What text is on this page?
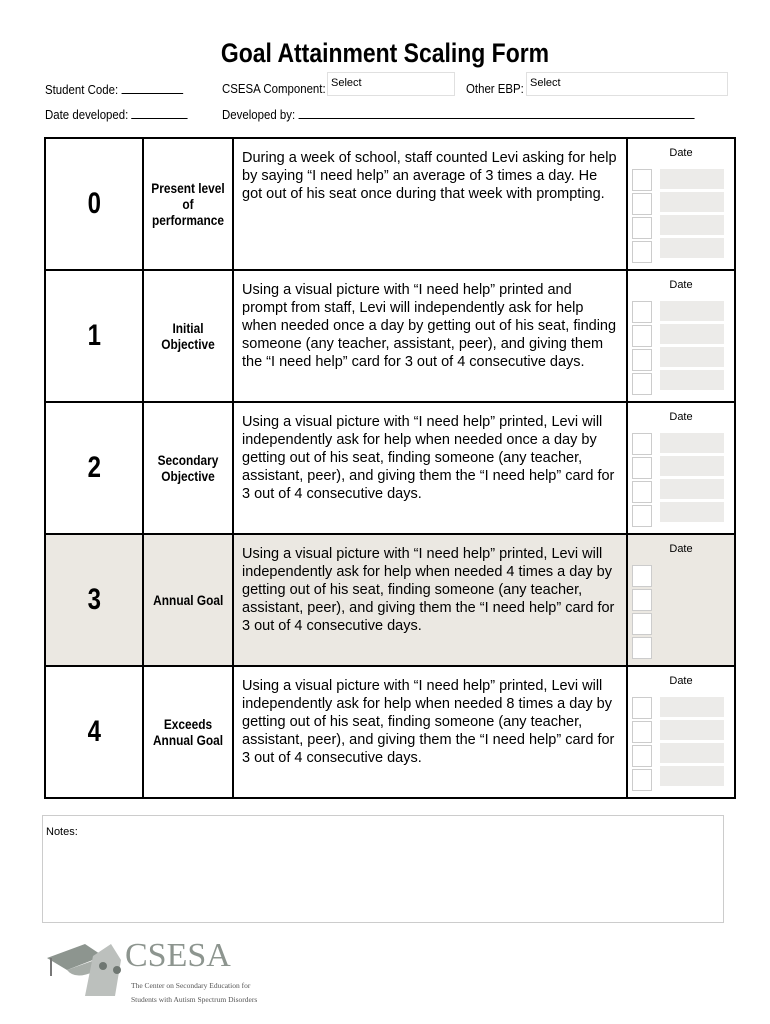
Goal Attainment Scaling Form
Student Code:	CSESA Component: Select	Other EBP: Select
Date developed:	Developed by:
0	Present level of performance	During a week of school, staff counted Levi asking for help by saying “I need help” an average of 3 times a day. He got out of his seat once during that week with prompting.	Date

1	Initial Objective	Using a visual picture with “I need help” printed and prompt from staff, Levi will independently ask for help when needed once a day by getting out of his seat, finding someone (any teacher, assistant, peer), and giving them the “I need help” card for 3 out of 4 consecutive days.	Date

2	Secondary Objective	Using a visual picture with “I need help” printed, Levi will independently ask for help when needed once a day by getting out of his seat, finding someone (any teacher, assistant, peer), and giving them the “I need help” card for 3 out of 4 consecutive days.	Date

3	Annual Goal	Using a visual picture with “I need help” printed, Levi will independently ask for help when needed 4 times a day by getting out of his seat, finding someone (any teacher, assistant, peer), and giving them the “I need help” card for 3 out of 4 consecutive days.	Date

4	Exceeds Annual Goal	Using a visual picture with “I need help” printed, Levi will independently ask for help when needed 8 times a day by getting out of his seat, finding someone (any teacher, assistant, peer), and giving them the “I need help” card for 3 out of 4 consecutive days.	Date
Notes:
CSESA
The Center on Secondary Education for
Students with Autism Spectrum Disorders
